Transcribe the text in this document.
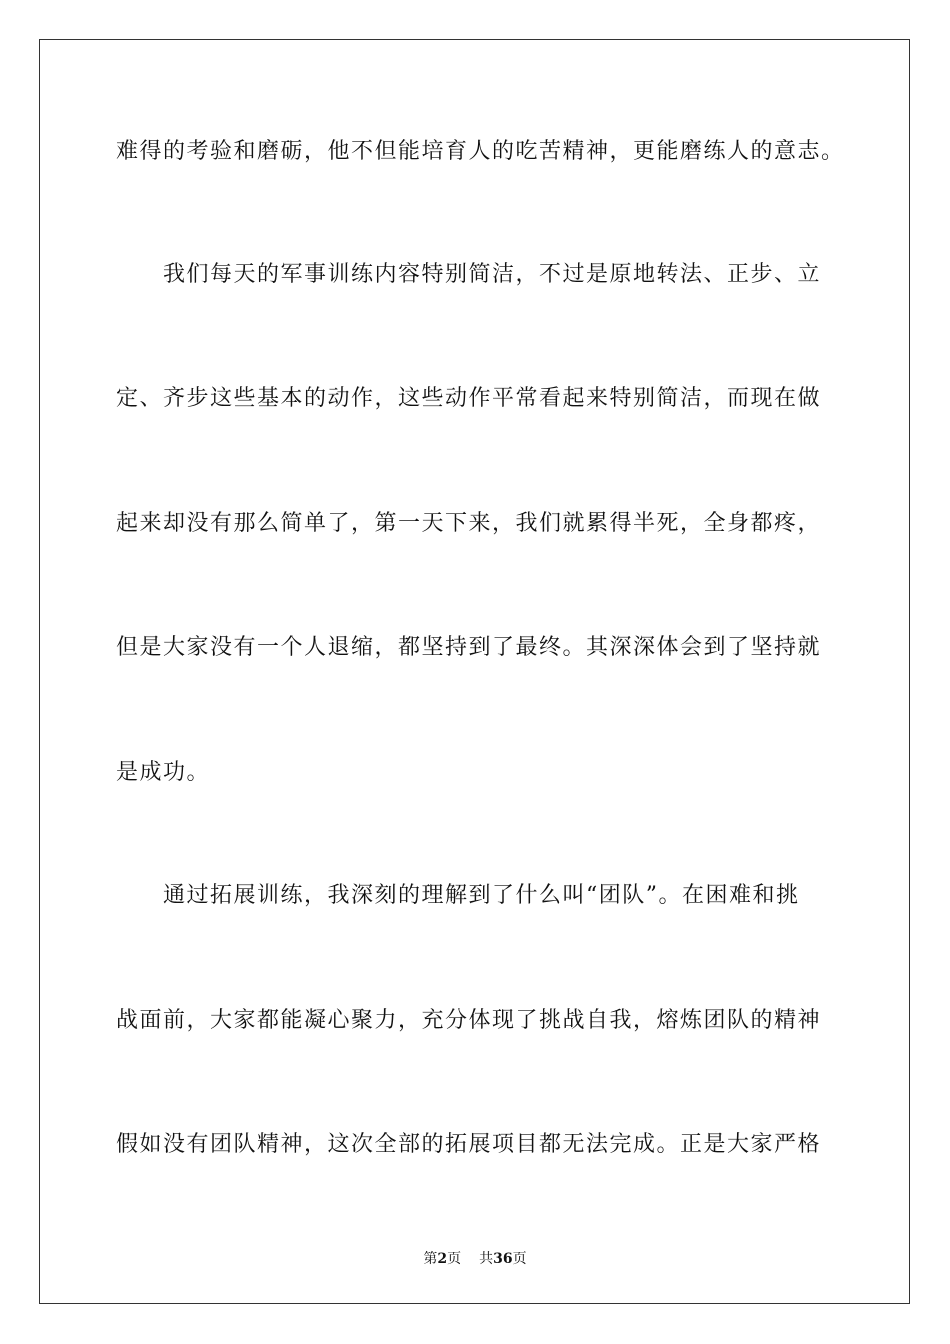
难得的考验和磨砺，他不但能培育人的吃苦精神，更能磨练人的意志。
我们每天的军事训练内容特别简洁，不过是原地转法、正步、立
定、齐步这些基本的动作，这些动作平常看起来特别简洁，而现在做
起来却没有那么简单了，第一天下来，我们就累得半死，全身都疼，
但是大家没有一个人退缩，都坚持到了最终。其深深体会到了坚持就
是成功。
通过拓展训练，我深刻的理解到了什么叫“团队”。在困难和挑
战面前，大家都能凝心聚力，充分体现了挑战自我，熔炼团队的精神
假如没有团队精神，这次全部的拓展项目都无法完成。正是大家严格
第2页 共36页
